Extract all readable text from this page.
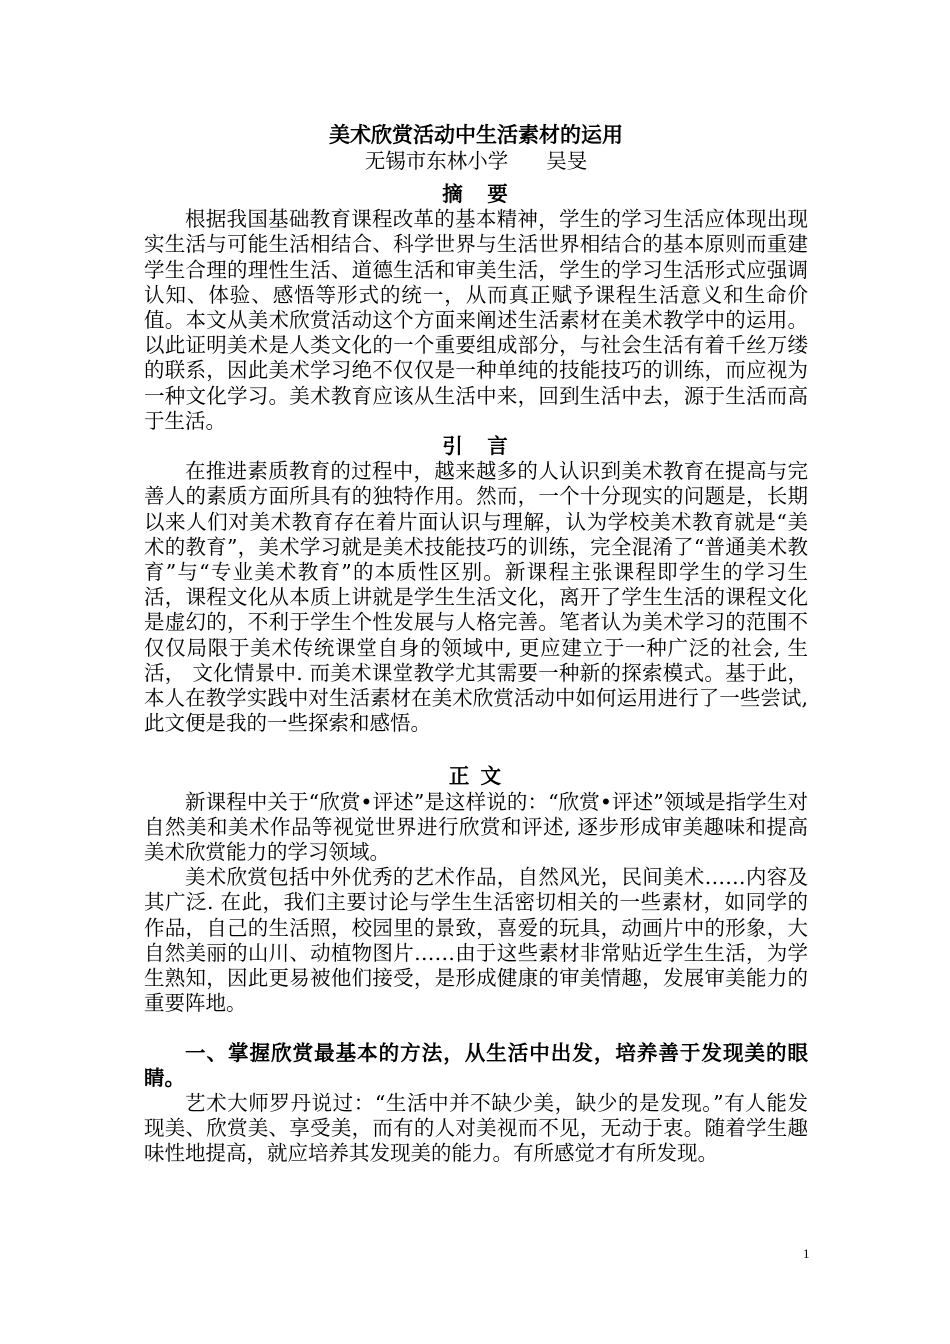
美术欣赏活动中生活素材的运用
无锡市东林小学 吴旻
摘　要

根据我国基础教育课程改革的基本精神，学生的学习生活应体现出现实生活与可能生活相结合、科学世界与生活世界相结合的基本原则而重建学生合理的理性生活、道德生活和审美生活，学生的学习生活形式应强调认知、体验、感悟等形式的统一，从而真正赋予课程生活意义和生命价值。本文从美术欣赏活动这个方面来阐述生活素材在美术教学中的运用。以此证明美术是人类文化的一个重要组成部分，与社会生活有着千丝万缕的联系，因此美术学习绝不仅仅是一种单纯的技能技巧的训练，而应视为一种文化学习。美术教育应该从生活中来，回到生活中去，源于生活而高于生活。

引　言

在推进素质教育的过程中，越来越多的人认识到美术教育在提高与完善人的素质方面所具有的独特作用。然而，一个十分现实的问题是，长期以来人们对美术教育存在着片面认识与理解，认为学校美术教育就是“美术的教育”，美术学习就是美术技能技巧的训练，完全混淆了“普通美术教育”与“专业美术教育”的本质性区别。新课程主张课程即学生的学习生活，课程文化从本质上讲就是学生生活文化，离开了学生生活的课程文化是虚幻的，不利于学生个性发展与人格完善。笔者认为美术学习的范围不仅仅局限于美术传统课堂自身的领域中, 更应建立于一种广泛的社会, 生活， 文化情景中. 而美术课堂教学尤其需要一种新的探索模式。基于此，本人在教学实践中对生活素材在美术欣赏活动中如何运用进行了一些尝试, 此文便是我的一些探索和感悟。

正 文

新课程中关于“欣赏•评述”是这样说的：“欣赏•评述”领域是指学生对自然美和美术作品等视觉世界进行欣赏和评述, 逐步形成审美趣味和提高美术欣赏能力的学习领域。

美术欣赏包括中外优秀的艺术作品，自然风光，民间美术……内容及其广泛. 在此，我们主要讨论与学生生活密切相关的一些素材，如同学的作品，自己的生活照，校园里的景致，喜爱的玩具，动画片中的形象，大自然美丽的山川、动植物图片……由于这些素材非常贴近学生生活，为学生熟知，因此更易被他们接受，是形成健康的审美情趣，发展审美能力的重要阵地。

一、掌握欣赏最基本的方法，从生活中出发，培养善于发现美的眼睛。

艺术大师罗丹说过：“生活中并不缺少美，缺少的是发现。”有人能发现美、欣赏美、享受美，而有的人对美视而不见，无动于衷。随着学生趣味性地提高，就应培养其发现美的能力。有所感觉才有所发现。

1
